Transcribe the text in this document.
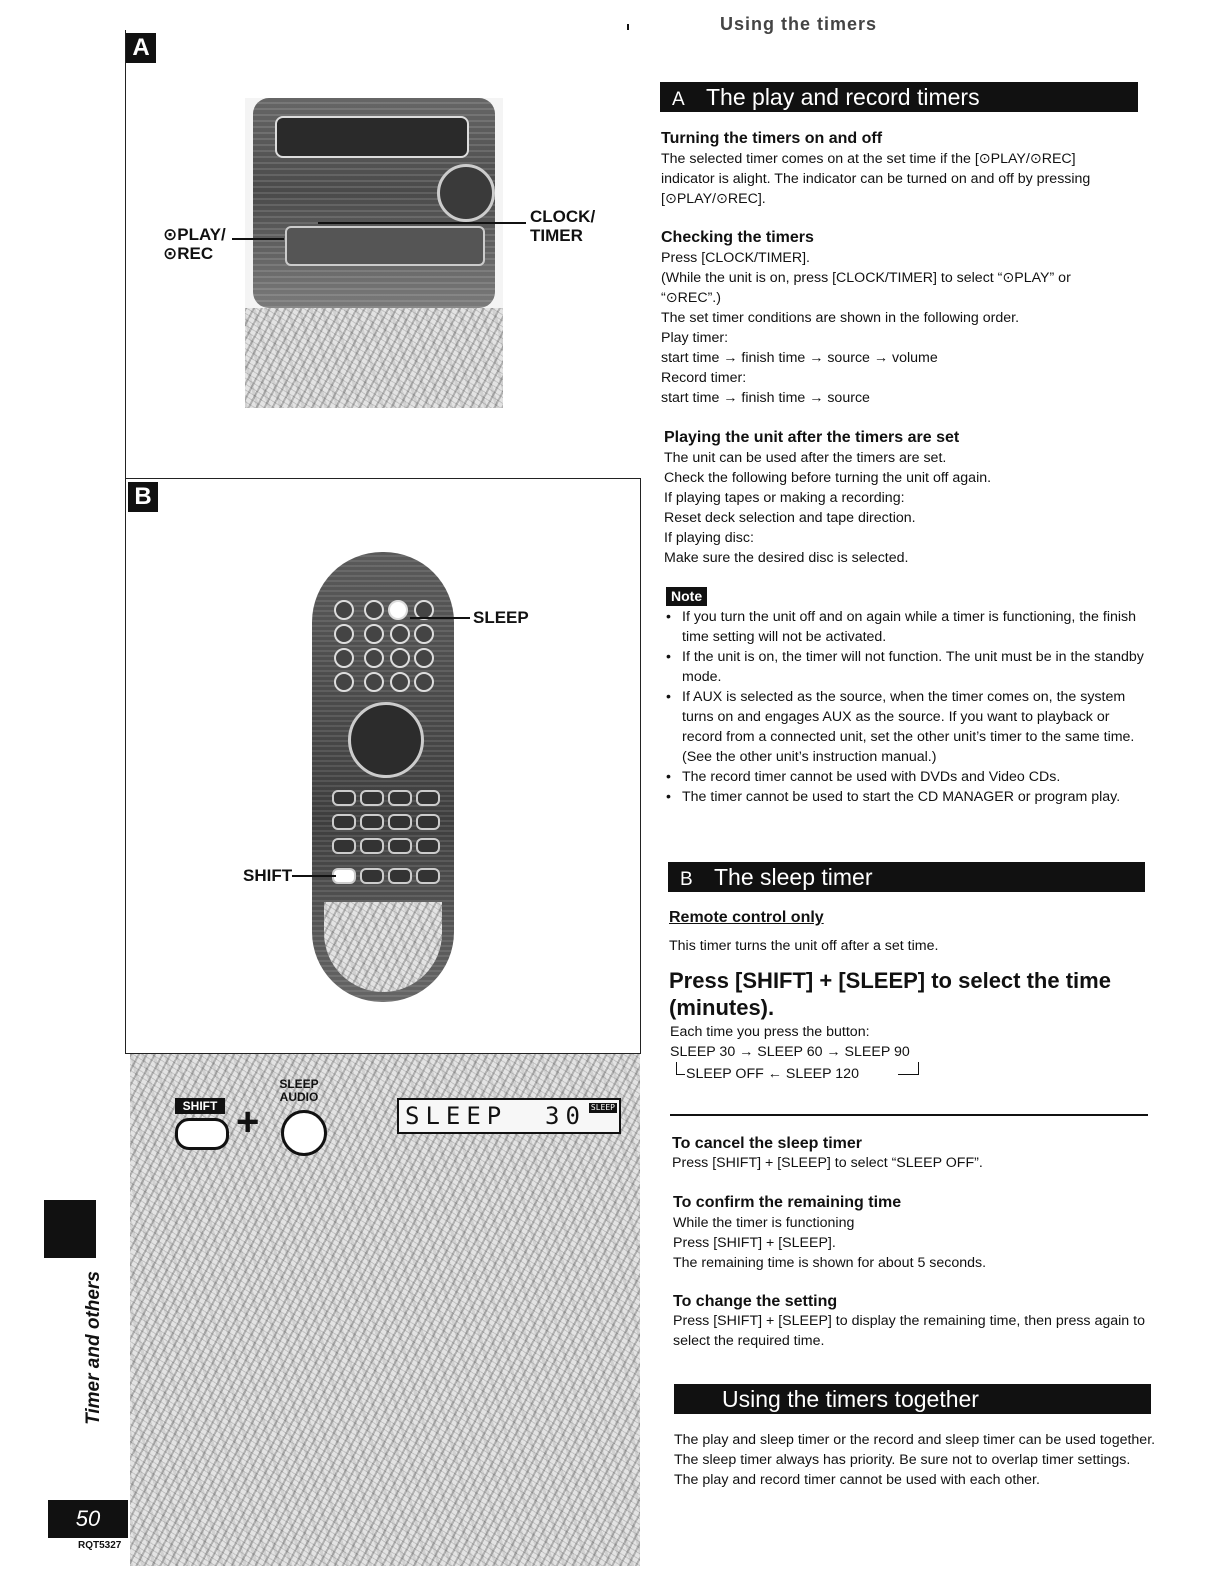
A
⊙PLAY/
⊙REC
CLOCK/
TIMER
B
SLEEP
SHIFT
SHIFT +
SLEEP
AUDIO
SLEEP 30 SLEEP
Timer and others
50
RQT5327
Using the timers
A The play and record timers
Turning the timers on and off
The selected timer comes on at the set time if the [⊙PLAY/⊙REC]
indicator is alight. The indicator can be turned on and off by pressing
[⊙PLAY/⊙REC].
Checking the timers
Press [CLOCK/TIMER].
(While the unit is on, press [CLOCK/TIMER] to select “⊙PLAY” or
“⊙REC”.)
The set timer conditions are shown in the following order.
Play timer:
start time → finish time → source → volume
Record timer:
start time → finish time → source
Playing the unit after the timers are set
The unit can be used after the timers are set.
Check the following before turning the unit off again.
If playing tapes or making a recording:
Reset deck selection and tape direction.
If playing disc:
Make sure the desired disc is selected.
Note
• If you turn the unit off and on again while a timer is functioning, the finish time setting will not be activated.
• If the unit is on, the timer will not function. The unit must be in the standby mode.
• If AUX is selected as the source, when the timer comes on, the system turns on and engages AUX as the source. If you want to playback or record from a connected unit, set the other unit’s timer to the same time. (See the other unit’s instruction manual.)
• The record timer cannot be used with DVDs and Video CDs.
• The timer cannot be used to start the CD MANAGER or program play.
B The sleep timer
Remote control only
This timer turns the unit off after a set time.
Press [SHIFT] + [SLEEP] to select the time (minutes).
Each time you press the button:
SLEEP 30 → SLEEP 60 → SLEEP 90
SLEEP OFF ← SLEEP 120
To cancel the sleep timer
Press [SHIFT] + [SLEEP] to select “SLEEP OFF”.
To confirm the remaining time
While the timer is functioning
Press [SHIFT] + [SLEEP].
The remaining time is shown for about 5 seconds.
To change the setting
Press [SHIFT] + [SLEEP] to display the remaining time, then press again to select the required time.
Using the timers together
The play and sleep timer or the record and sleep timer can be used together.
The sleep timer always has priority. Be sure not to overlap timer settings.
The play and record timer cannot be used with each other.
